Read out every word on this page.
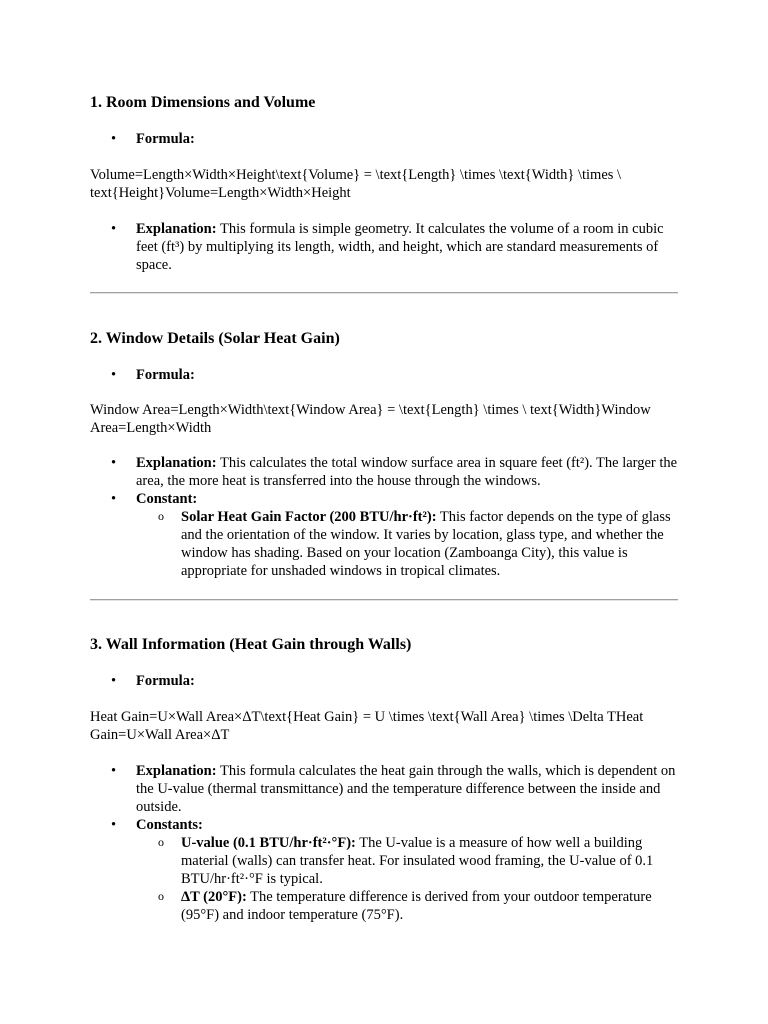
1. Room Dimensions and Volume
• Formula:

Volume=Length×Width×Height\text{Volume} = \text{Length} \times \text{Width} \times \ text{Height}Volume=Length×Width×Height

• Explanation: This formula is simple geometry. It calculates the volume of a room in cubic feet (ft³) by multiplying its length, width, and height, which are standard measurements of space.
2. Window Details (Solar Heat Gain)
• Formula:

Window Area=Length×Width\text{Window Area} = \text{Length} \times \ text{Width}Window Area=Length×Width

• Explanation: This calculates the total window surface area in square feet (ft²). The larger the area, the more heat is transferred into the house through the windows.
• Constant:
o Solar Heat Gain Factor (200 BTU/hr·ft²): This factor depends on the type of glass and the orientation of the window. It varies by location, glass type, and whether the window has shading. Based on your location (Zamboanga City), this value is appropriate for unshaded windows in tropical climates.
3. Wall Information (Heat Gain through Walls)
• Formula:

Heat Gain=U×Wall Area×ΔT\text{Heat Gain} = U \times \text{Wall Area} \times \Delta THeat Gain=U×Wall Area×ΔT

• Explanation: This formula calculates the heat gain through the walls, which is dependent on the U-value (thermal transmittance) and the temperature difference between the inside and outside.
• Constants:
o U-value (0.1 BTU/hr·ft²·°F): The U-value is a measure of how well a building material (walls) can transfer heat. For insulated wood framing, the U-value of 0.1 BTU/hr·ft²·°F is typical.
o ΔT (20°F): The temperature difference is derived from your outdoor temperature (95°F) and indoor temperature (75°F).
